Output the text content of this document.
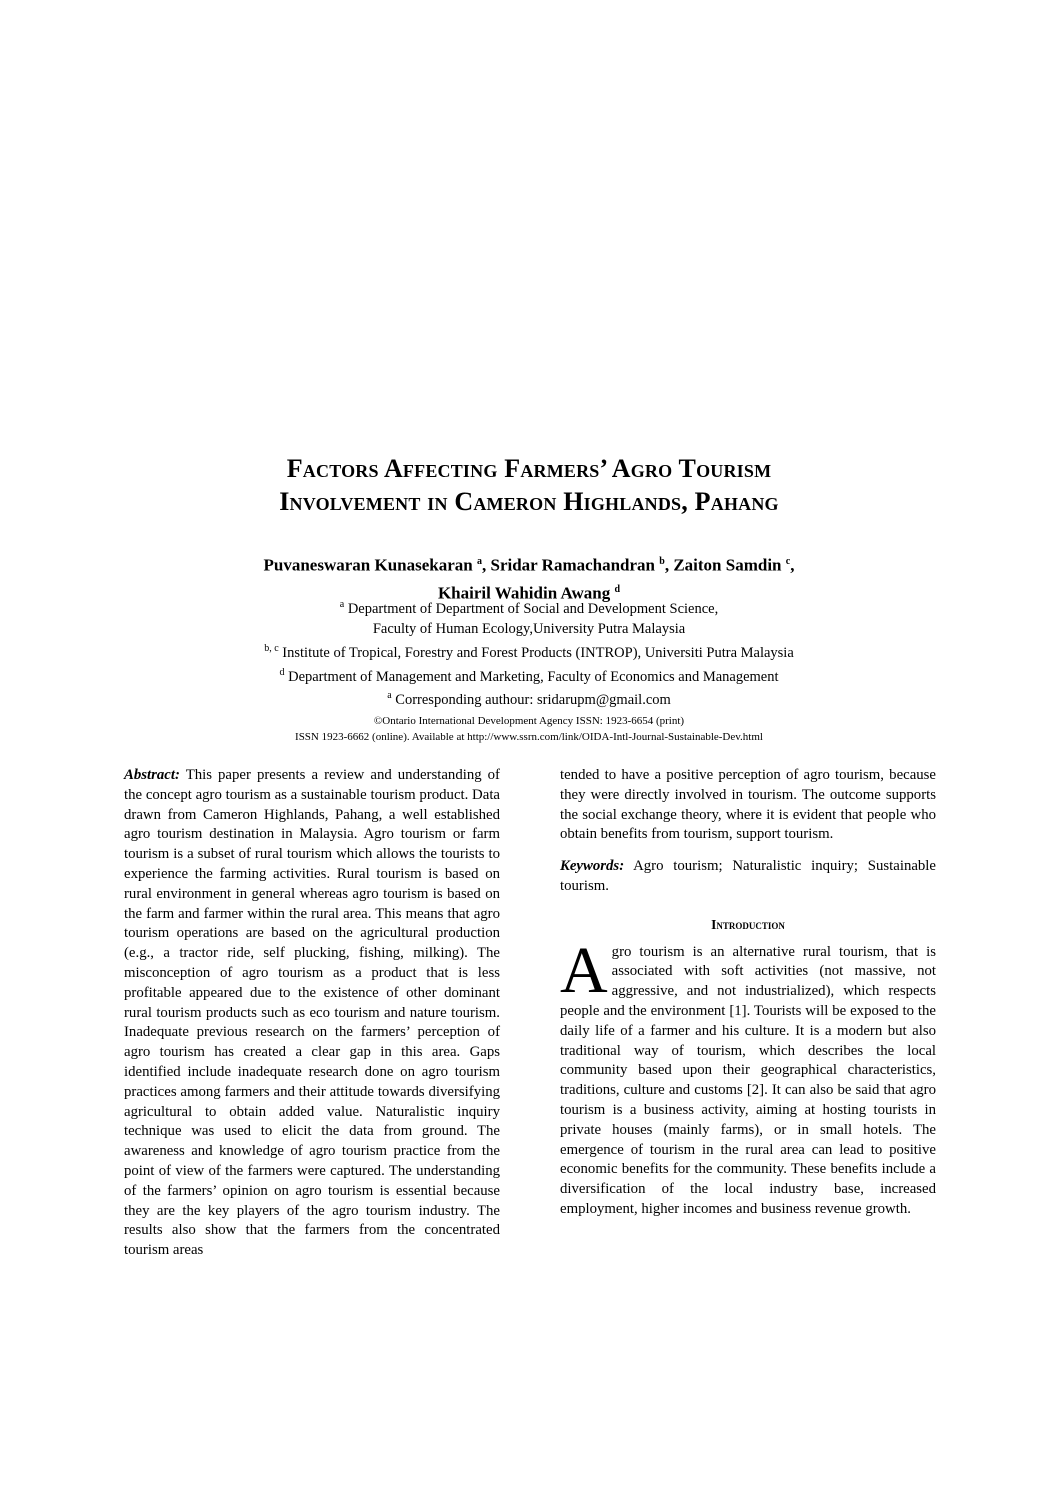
Factors Affecting Farmers’ Agro Tourism
Involvement in Cameron Highlands, Pahang
Puvaneswaran Kunasekaran $^a$, Sridar Ramachandran $^b$, Zaiton Samdin $^c$,
Khairil Wahidin Awang $^d$
$^a$ Department of Department of Social and Development Science,
Faculty of Human Ecology,University Putra Malaysia
$^{b, c}$ Institute of Tropical, Forestry and Forest Products (INTROP), Universiti Putra Malaysia
$^d$ Department of Management and Marketing, Faculty of Economics and Management
$^a$ Corresponding authour: sridarupm@gmail.com
©Ontario International Development Agency ISSN: 1923-6654 (print)
ISSN 1923-6662 (online). Available at http://www.ssrn.com/link/OIDA-Intl-Journal-Sustainable-Dev.html

Abstract: This paper presents a review and understanding of the concept agro tourism as a sustainable tourism product. Data drawn from Cameron Highlands, Pahang, a well established agro tourism destination in Malaysia. Agro tourism or farm tourism is a subset of rural tourism which allows the tourists to experience the farming activities. Rural tourism is based on rural environment in general whereas agro tourism is based on the farm and farmer within the rural area. This means that agro tourism operations are based on the agricultural production (e.g., a tractor ride, self plucking, fishing, milking). The misconception of agro tourism as a product that is less profitable appeared due to the existence of other dominant rural tourism products such as eco tourism and nature tourism. Inadequate previous research on the farmers’ perception of agro tourism has created a clear gap in this area. Gaps identified include inadequate research done on agro tourism practices among farmers and their attitude towards diversifying agricultural to obtain added value. Naturalistic inquiry technique was used to elicit the data from ground. The awareness and knowledge of agro tourism practice from the point of view of the farmers were captured. The understanding of the farmers’ opinion on agro tourism is essential because they are the key players of the agro tourism industry. The results also show that the farmers from the concentrated tourism areas

tended to have a positive perception of agro tourism, because they were directly involved in tourism. The outcome supports the social exchange theory, where it is evident that people who obtain benefits from tourism, support tourism.

Keywords: Agro tourism; Naturalistic inquiry; Sustainable tourism.

Introduction

Agro tourism is an alternative rural tourism, that is associated with soft activities (not massive, not aggressive, and not industrialized), which respects people and the environment [1]. Tourists will be exposed to the daily life of a farmer and his culture. It is a modern but also traditional way of tourism, which describes the local community based upon their geographical characteristics, traditions, culture and customs [2]. It can also be said that agro tourism is a business activity, aiming at hosting tourists in private houses (mainly farms), or in small hotels. The emergence of tourism in the rural area can lead to positive economic benefits for the community. These benefits include a diversification of the local industry base, increased employment, higher incomes and business revenue growth.
